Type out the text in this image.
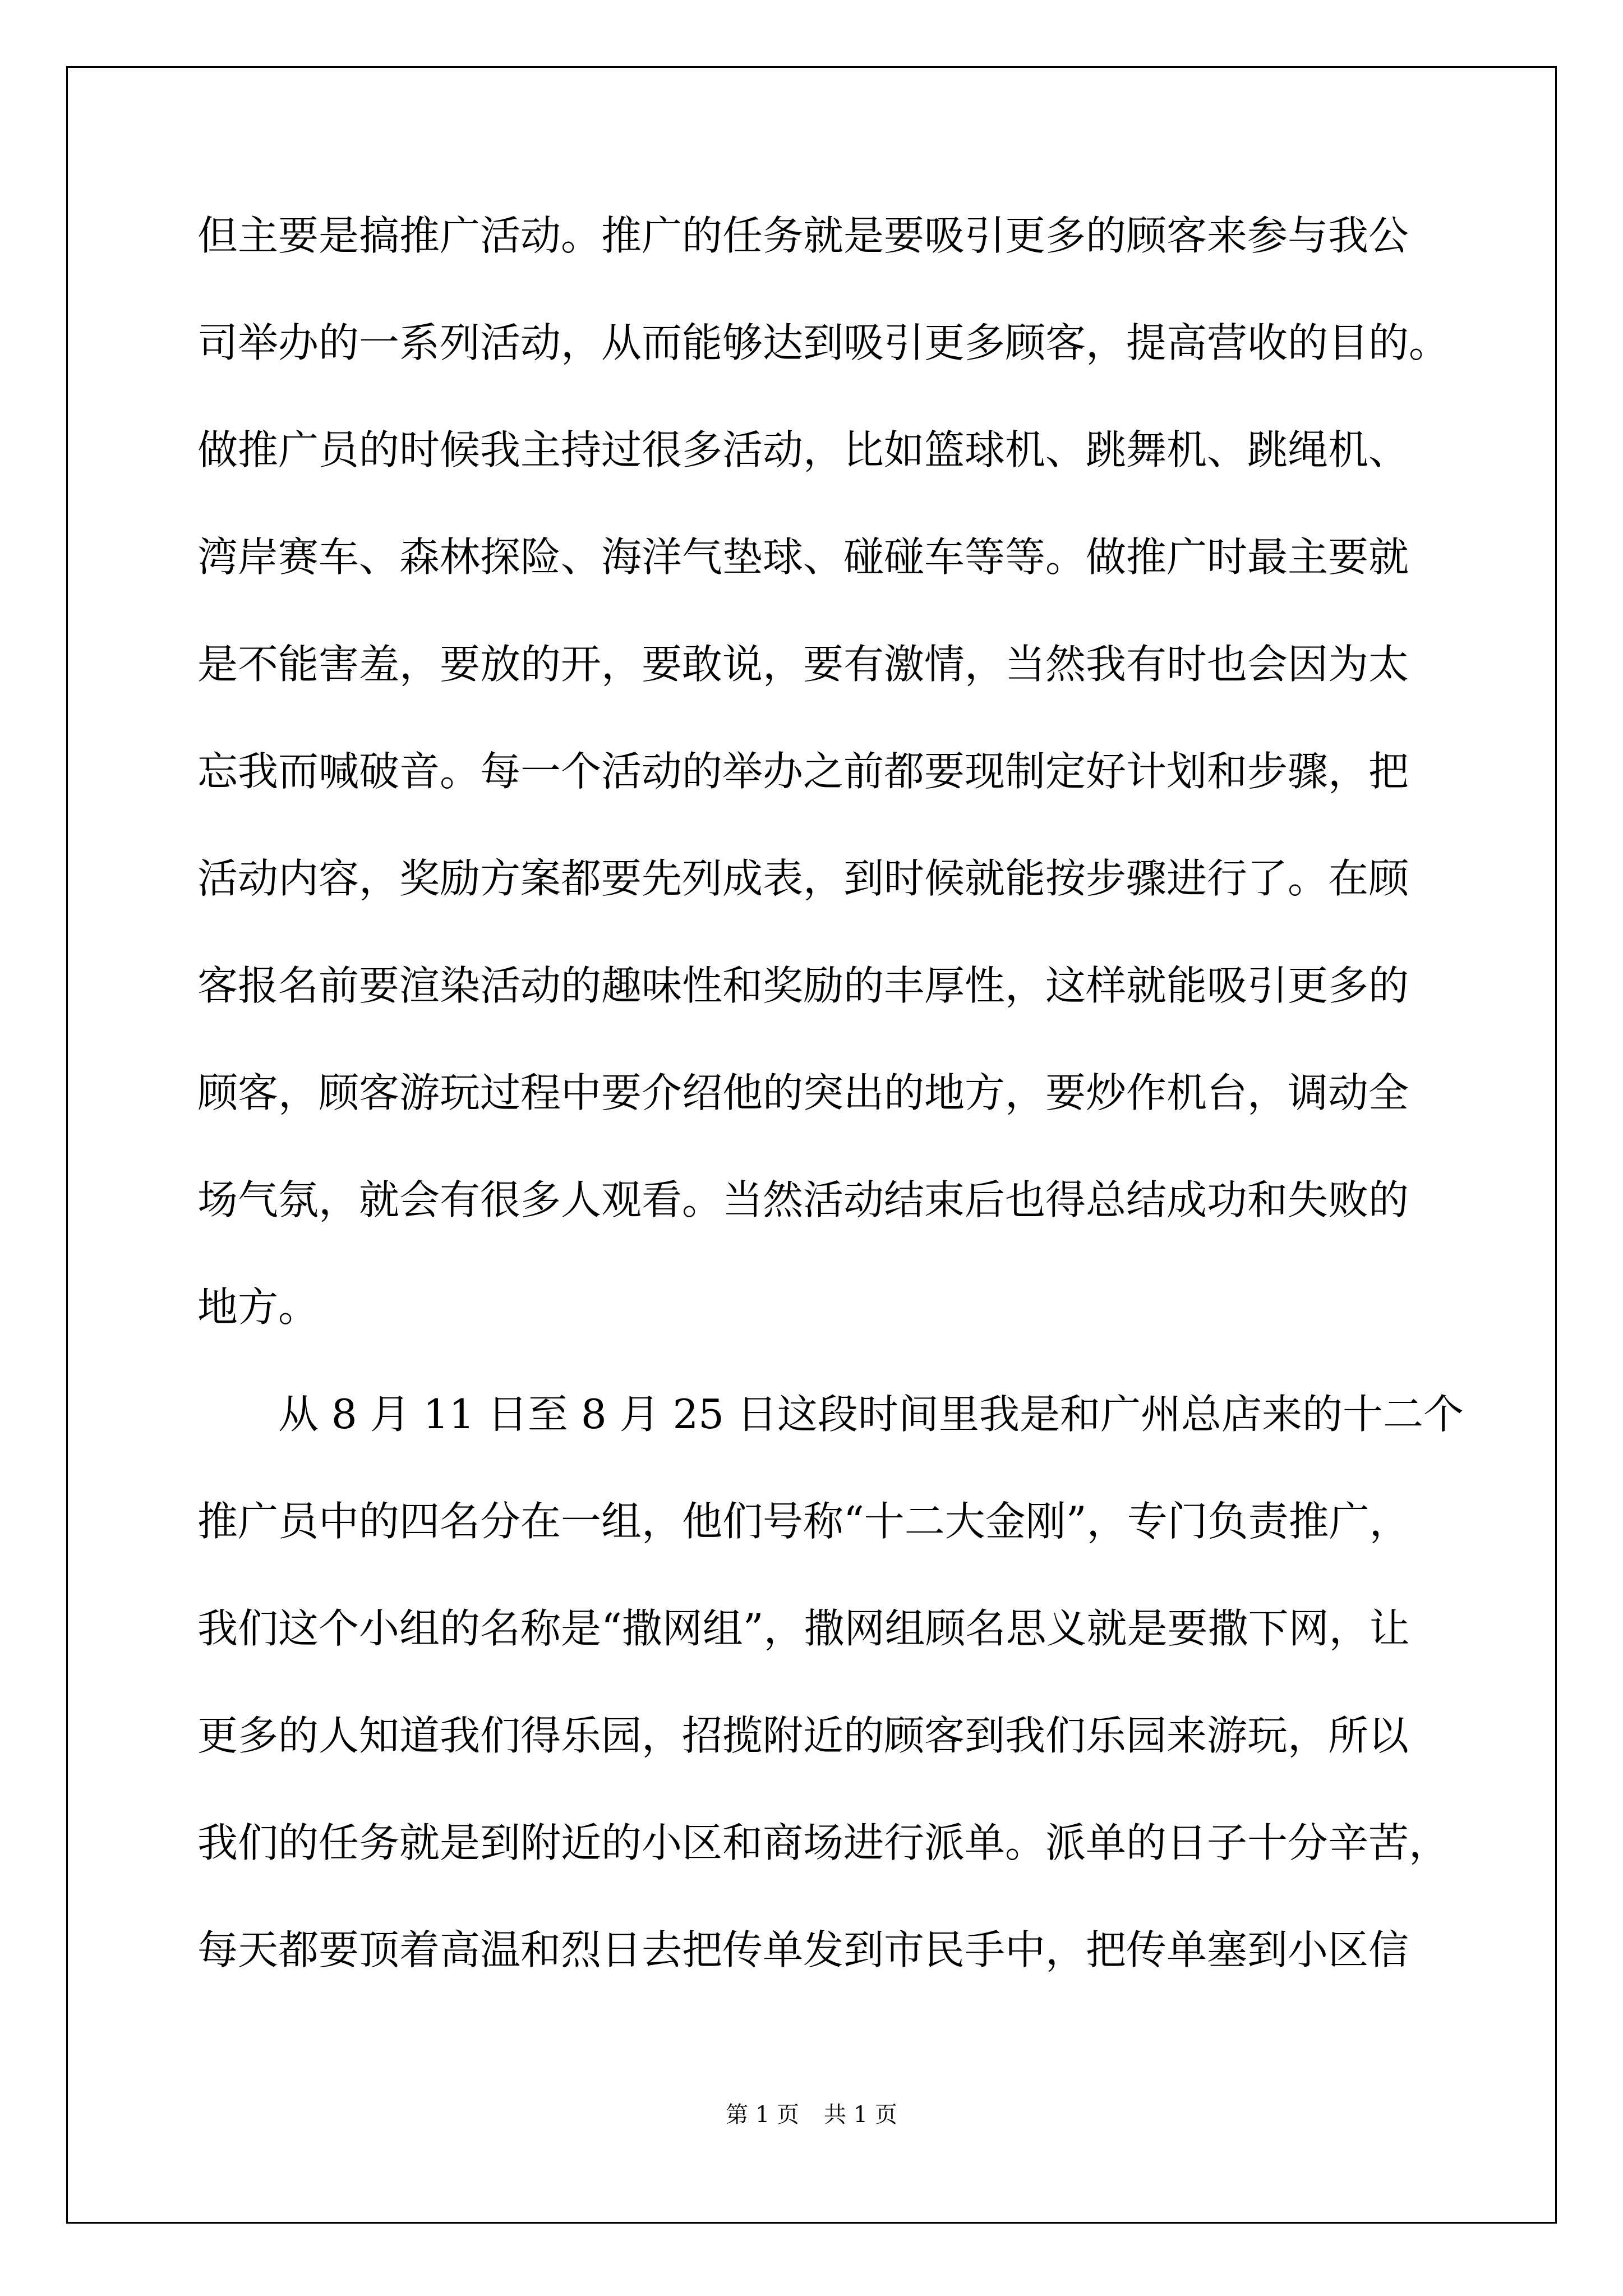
但主要是搞推广活动。推广的任务就是要吸引更多的顾客来参与我公
司举办的一系列活动，从而能够达到吸引更多顾客，提高营收的目的。
做推广员的时候我主持过很多活动，比如篮球机、跳舞机、跳绳机、
湾岸赛车、森林探险、海洋气垫球、碰碰车等等。做推广时最主要就
是不能害羞，要放的开，要敢说，要有激情，当然我有时也会因为太
忘我而喊破音。每一个活动的举办之前都要现制定好计划和步骤，把
活动内容，奖励方案都要先列成表，到时候就能按步骤进行了。在顾
客报名前要渲染活动的趣味性和奖励的丰厚性，这样就能吸引更多的
顾客，顾客游玩过程中要介绍他的突出的地方，要炒作机台，调动全
场气氛，就会有很多人观看。当然活动结束后也得总结成功和失败的
地方。
从 8 月 11 日至 8 月 25 日这段时间里我是和广州总店来的十二个
推广员中的四名分在一组，他们号称“十二大金刚”，专门负责推广，
我们这个小组的名称是“撒网组”，撒网组顾名思义就是要撒下网，让
更多的人知道我们得乐园，招揽附近的顾客到我们乐园来游玩，所以
我们的任务就是到附近的小区和商场进行派单。派单的日子十分辛苦，
每天都要顶着高温和烈日去把传单发到市民手中，把传单塞到小区信
第 1 页 共 1 页
